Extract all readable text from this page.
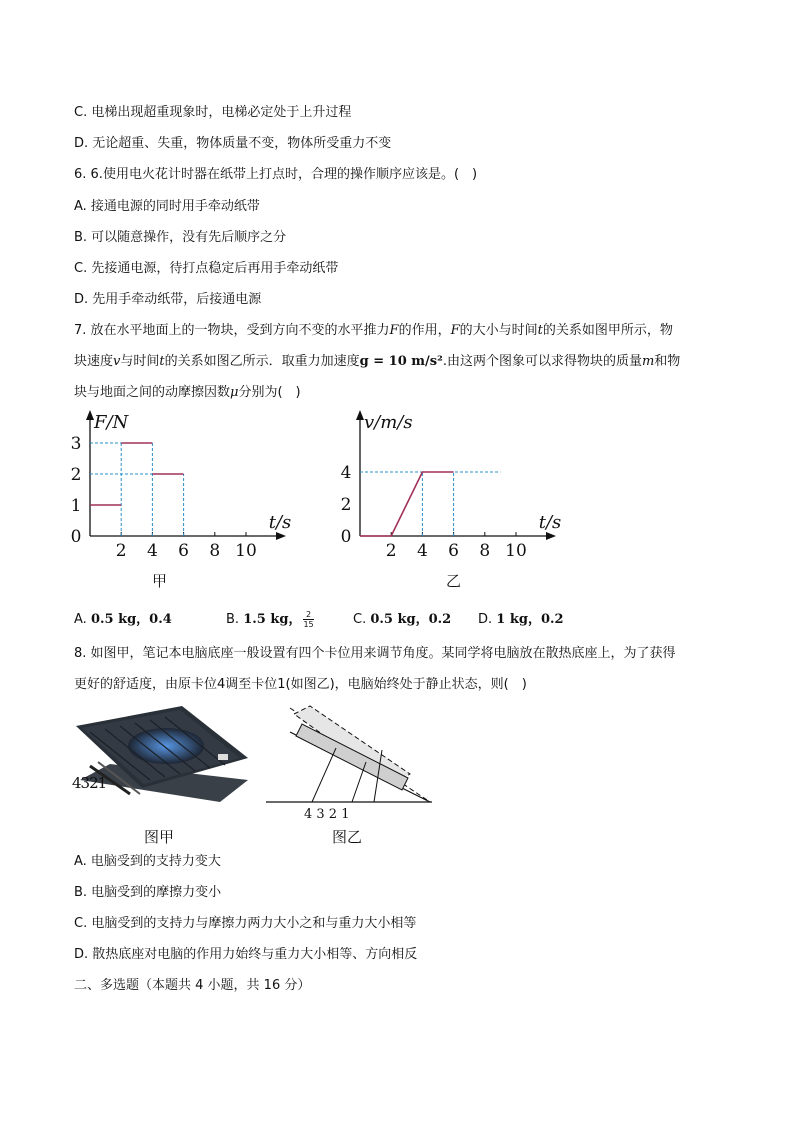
C. 电梯出现超重现象时，电梯必定处于上升过程
D. 无论超重、失重，物体质量不变，物体所受重力不变
6. 6.使用电火花计时器在纸带上打点时，合理的操作顺序应该是。(　)
A. 接通电源的同时用手牵动纸带
B. 可以随意操作，没有先后顺序之分
C. 先接通电源，待打点稳定后再用手牵动纸带
D. 先用手牵动纸带，后接通电源
7. 放在水平地面上的一物块，受到方向不变的水平推力F的作用，F的大小与时间t的关系如图甲所示，物
块速度v与时间t的关系如图乙所示．取重力加速度g = 10 m/s².由这两个图象可以求得物块的质量m和物
块与地面之间的动摩擦因数μ分别为(　)
F/N
t/s
0
2 4 6 8 10
1
2
3
甲
v/m/s
t/s
0
2 4 6 8 10
2
4
乙
A. 0.5 kg，0.4	B. 1.5 kg， $\frac{2}{15}$	C. 0.5 kg，0.2 D. 1 kg，0.2
8. 如图甲，笔记本电脑底座一般设置有四个卡位用来调节角度。某同学将电脑放在散热底座上，为了获得
更好的舒适度，由原卡位4调至卡位1(如图乙)，电脑始终处于静止状态，则(　)
4321
图甲
4 3 2 1
图乙
A. 电脑受到的支持力变大
B. 电脑受到的摩擦力变小
C. 电脑受到的支持力与摩擦力两力大小之和与重力大小相等
D. 散热底座对电脑的作用力始终与重力大小相等、方向相反
二、多选题（本题共 4 小题，共 16 分）
